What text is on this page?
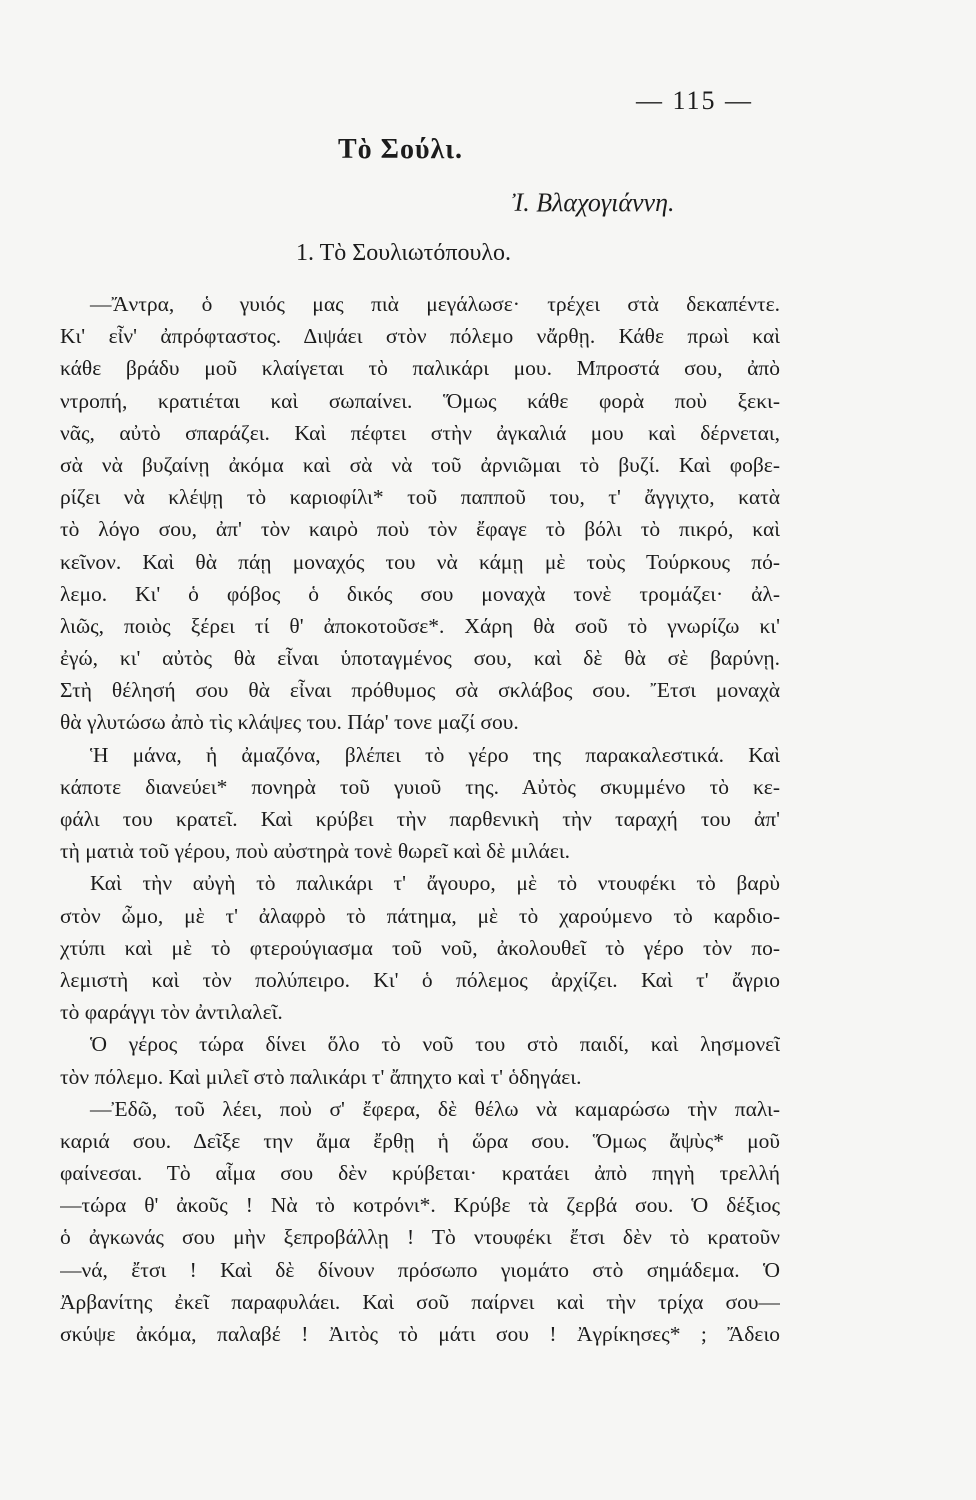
— 115 —
Τὸ Σούλι.
Ἰ. Βλαχογιάννη.
1. Τὸ Σουλιωτόπουλο.
—Ἄντρα, ὁ γυιός μας πιὰ μεγάλωσε· τρέχει στὰ δεκαπέντε.
Κι' εἶν' ἀπρόφταστος. Διψάει στὸν πόλεμο νἄρθῃ. Κάθε πρωὶ καὶ
κάθε βράδυ μοῦ κλαίγεται τὸ παλικάρι μου. Μπροστά σου, ἀπὸ
ντροπή, κρατιέται καὶ σωπαίνει. Ὅμως κάθε φορὰ ποὺ ξεκι-
νᾶς, αὐτὸ σπαράζει. Καὶ πέφτει στὴν ἀγκαλιά μου καὶ δέρνεται,
σὰ νὰ βυζαίνῃ ἀκόμα καὶ σὰ νὰ τοῦ ἀρνιῶμαι τὸ βυζί. Καὶ φοβε-
ρίζει νὰ κλέψῃ τὸ καριοφίλι* τοῦ παπποῦ του, τ' ἄγγιχτο, κατὰ
τὸ λόγο σου, ἀπ' τὸν καιρὸ ποὺ τὸν ἔφαγε τὸ βόλι τὸ πικρό, καὶ
κεῖνον. Καὶ θὰ πάῃ μοναχός του νὰ κάμῃ μὲ τοὺς Τούρκους πό-
λεμο. Κι' ὁ φόβος ὁ δικός σου μοναχὰ τονὲ τρομάζει· ἀλ-
λιῶς, ποιὸς ξέρει τί θ' ἀποκοτοῦσε*. Χάρη θὰ σοῦ τὸ γνωρίζω κι'
ἐγώ, κι' αὐτὸς θὰ εἶναι ὑποταγμένος σου, καὶ δὲ θὰ σὲ βαρύνῃ.
Στὴ θέλησή σου θὰ εἶναι πρόθυμος σὰ σκλάβος σου. Ἔτσι μοναχὰ
θὰ γλυτώσω ἀπὸ τὶς κλάψες του. Πάρ' τονε μαζί σου.
Ἡ μάνα, ἡ ἀμαζόνα, βλέπει τὸ γέρο της παρακαλεστικά. Καὶ
κάποτε διανεύει* πονηρὰ τοῦ γυιοῦ της. Αὐτὸς σκυμμένο τὸ κε-
φάλι του κρατεῖ. Καὶ κρύβει τὴν παρθενικὴ τὴν ταραχή του ἀπ'
τὴ ματιὰ τοῦ γέρου, ποὺ αὐστηρὰ τονὲ θωρεῖ καὶ δὲ μιλάει.
Καὶ τὴν αὐγὴ τὸ παλικάρι τ' ἄγουρο, μὲ τὸ ντουφέκι τὸ βαρὺ
στὸν ὦμο, μὲ τ' ἀλαφρὸ τὸ πάτημα, μὲ τὸ χαρούμενο τὸ καρδιο-
χτύπι καὶ μὲ τὸ φτερούγιασμα τοῦ νοῦ, ἀκολουθεῖ τὸ γέρο τὸν πο-
λεμιστὴ καὶ τὸν πολύπειρο. Κι' ὁ πόλεμος ἀρχίζει. Καὶ τ' ἄγριο
τὸ φαράγγι τὸν ἀντιλαλεῖ.
Ὁ γέρος τώρα δίνει ὅλο τὸ νοῦ του στὸ παιδί, καὶ λησμονεῖ
τὸν πόλεμο. Καὶ μιλεῖ στὸ παλικάρι τ' ἄπηχτο καὶ τ' ὁδηγάει.
—Ἐδῶ, τοῦ λέει, ποὺ σ' ἔφερα, δὲ θέλω νὰ καμαρώσω τὴν παλι-
καριά σου. Δεῖξε την ἄμα ἔρθῃ ἡ ὥρα σου. Ὅμως ἄψὺς* μοῦ
φαίνεσαι. Τὸ αἷμα σου δὲν κρύβεται· κρατάει ἀπὸ πηγὴ τρελλή
—τώρα θ' ἀκοῦς ! Νὰ τὸ κοτρόνι*. Κρύβε τὰ ζερβά σου. Ὁ δέξιος
ὁ ἀγκωνάς σου μὴν ξεπροβάλλῃ ! Τὸ ντουφέκι ἔτσι δὲν τὸ κρατοῦν
—νά, ἔτσι ! Καὶ δὲ δίνουν πρόσωπο γιομάτο στὸ σημάδεμα. Ὁ
Ἀρβανίτης ἐκεῖ παραφυλάει. Καὶ σοῦ παίρνει καὶ τὴν τρίχα σου—
σκύψε ἀκόμα, παλαβέ ! Ἀιτὸς τὸ μάτι σου ! Ἀγρίκησες* ; Ἄδειο
